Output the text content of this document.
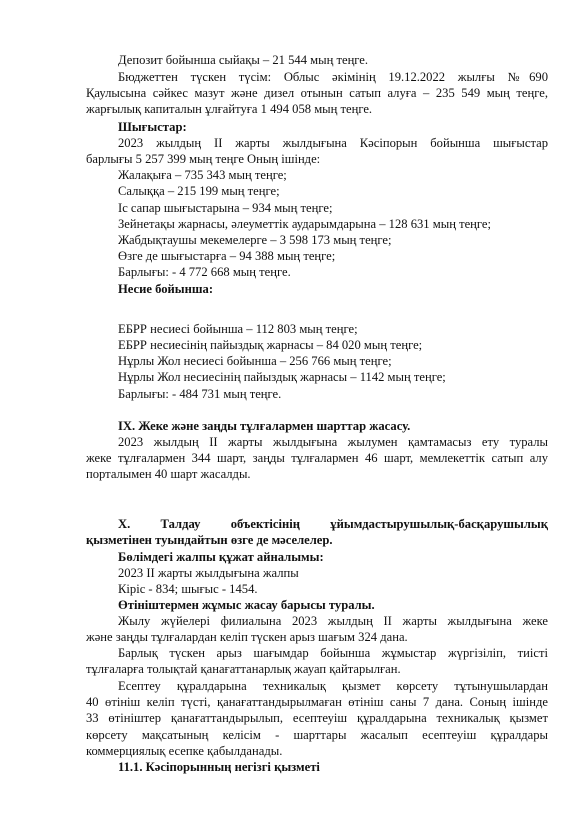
Депозит бойынша сыйақы – 21 544 мың теңге.

Бюджеттен түскен түсім: Облыс әкімінің 19.12.2022 жылғы №690
Қаулысына сәйкес мазут және дизел отынын сатып алуға – 235 549 мың теңге,
жарғылық капиталын ұлғайтуға 1 494 058 мың теңге.

Шығыстар:

2023 жылдың II жарты жылдығына Кәсіпорын бойынша шығыстар
барлығы 5 257 399 мың теңге Оның ішінде:

Жалақыға – 735 343 мың теңге;

Салыққа – 215 199 мың теңге;

Іс сапар шығыстарына – 934 мың теңге;

Зейнетақы жарнасы, әлеуметтік аударымдарына – 128 631 мың теңге;

Жабдықтаушы мекемелерге – 3 598 173 мың теңге;

Өзге де шығыстарға – 94 388 мың теңге;

Барлығы: - 4 772 668 мың теңге.

Несие бойынша:

ЕБРР несиесі бойынша – 112 803 мың теңге;

ЕБРР несиесінің пайыздық жарнасы – 84 020 мың теңге;

Нұрлы Жол несиесі бойынша – 256 766 мың теңге;

Нұрлы Жол несиесінің пайыздық жарнасы – 1142 мың теңге;

Барлығы: - 484 731 мың теңге.

IX. Жеке және заңды тұлғалармен шарттар жасасу.

2023 жылдың II жарты жылдығына жылумен қамтамасыз ету туралы
жеке тұлғалармен 344 шарт, заңды тұлғалармен 46 шарт, мемлекеттік сатып алу
порталымен 40 шарт жасалды.

X. Талдау объектісінің ұйымдастырушылық-басқарушылық
қызметінен туындайтын өзге де мәселелер.

Бөлімдегі жалпы құжат айналымы:

2023 II жарты жылдығына жалпы

Кіріс - 834; шығыс - 1454.

Өтініштермен жұмыс жасау барысы туралы.

Жылу жүйелері филиалына 2023 жылдың II жарты жылдығына жеке
және заңды тұлғалардан келіп түскен арыз шағым 324 дана.

Барлық түскен арыз шағымдар бойынша жұмыстар жүргізіліп, тиісті
тұлғаларға толықтай қанағаттанарлық жауап қайтарылған.

Есептеу құралдарына техникалық қызмет көрсету тұтынушылардан
40 өтініш келіп түсті, қанағаттандырылмаған өтініш саны 7 дана. Соның ішінде
33 өтініштер қанағаттандырылып, есептеуіш құралдарына техникалық қызмет
көрсету мақсатының келісім - шарттары жасалып есептеуіш құралдары
коммерциялық есепке қабылданады.

11.1. Кәсіпорынның негізгі қызметі
